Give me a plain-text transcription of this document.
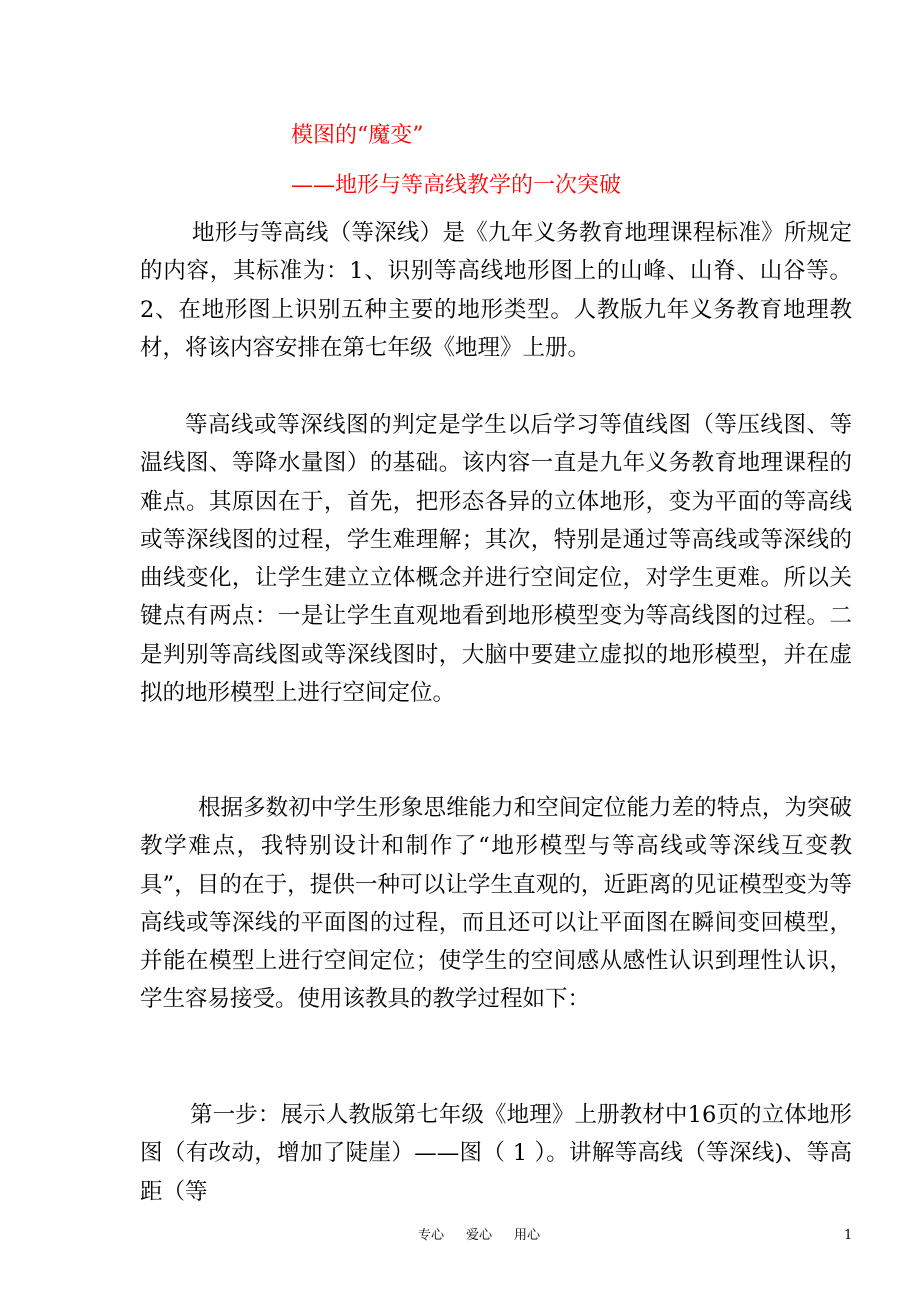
模图的“魔变”
——地形与等高线教学的一次突破

地形与等高线（等深线）是《九年义务教育地理课程标准》所规定的内容，其标准为：1、识别等高线地形图上的山峰、山脊、山谷等。2、在地形图上识别五种主要的地形类型。人教版九年义务教育地理教材，将该内容安排在第七年级《地理》上册。

等高线或等深线图的判定是学生以后学习等值线图（等压线图、等温线图、等降水量图）的基础。该内容一直是九年义务教育地理课程的难点。其原因在于，首先，把形态各异的立体地形，变为平面的等高线或等深线图的过程，学生难理解；其次，特别是通过等高线或等深线的曲线变化，让学生建立立体概念并进行空间定位，对学生更难。所以关键点有两点：一是让学生直观地看到地形模型变为等高线图的过程。二是判别等高线图或等深线图时，大脑中要建立虚拟的地形模型，并在虚拟的地形模型上进行空间定位。

根据多数初中学生形象思维能力和空间定位能力差的特点，为突破教学难点，我特别设计和制作了“地形模型与等高线或等深线互变教具”，目的在于，提供一种可以让学生直观的，近距离的见证模型变为等高线或等深线的平面图的过程，而且还可以让平面图在瞬间变回模型，并能在模型上进行空间定位；使学生的空间感从感性认识到理性认识，学生容易接受。使用该教具的教学过程如下：

第一步：展示人教版第七年级《地理》上册教材中16页的立体地形图（有改动，增加了陡崖）——图（ 1 ）。讲解等高线（等深线)、等高距（等

专心 爱心 用心	1
